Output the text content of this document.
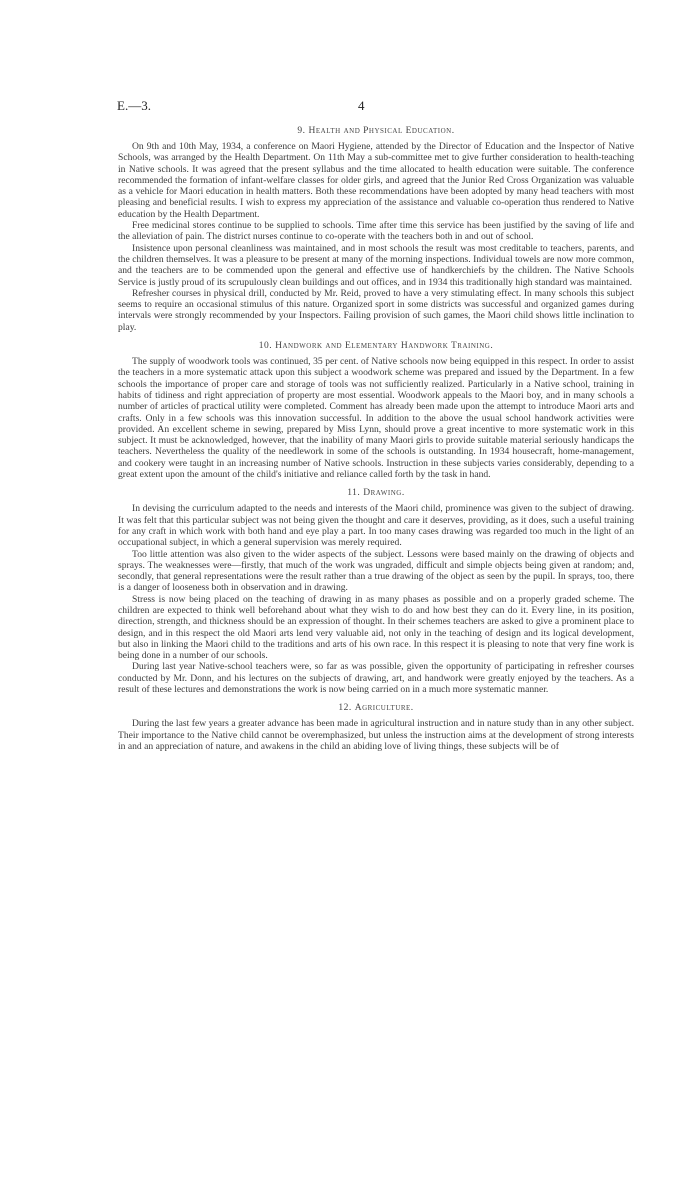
E.—3.	4
9. Health and Physical Education.

On 9th and 10th May, 1934, a conference on Maori Hygiene, attended by the Director of Education and the Inspector of Native Schools, was arranged by the Health Department. On 11th May a sub-committee met to give further consideration to health-teaching in Native schools. It was agreed that the present syllabus and the time allocated to health education were suitable. The conference recommended the formation of infant-welfare classes for older girls, and agreed that the Junior Red Cross Organization was valuable as a vehicle for Maori education in health matters. Both these recommendations have been adopted by many head teachers with most pleasing and beneficial results. I wish to express my appreciation of the assistance and valuable co-operation thus rendered to Native education by the Health Department.

Free medicinal stores continue to be supplied to schools. Time after time this service has been justified by the saving of life and the alleviation of pain. The district nurses continue to co-operate with the teachers both in and out of school.

Insistence upon personal cleanliness was maintained, and in most schools the result was most creditable to teachers, parents, and the children themselves. It was a pleasure to be present at many of the morning inspections. Individual towels are now more common, and the teachers are to be commended upon the general and effective use of handkerchiefs by the children. The Native Schools Service is justly proud of its scrupulously clean buildings and out offices, and in 1934 this traditionally high standard was maintained.

Refresher courses in physical drill, conducted by Mr. Reid, proved to have a very stimulating effect. In many schools this subject seems to require an occasional stimulus of this nature. Organized sport in some districts was successful and organized games during intervals were strongly recommended by your Inspectors. Failing provision of such games, the Maori child shows little inclination to play.

10. Handwork and Elementary Handwork Training.

The supply of woodwork tools was continued, 35 per cent. of Native schools now being equipped in this respect. In order to assist the teachers in a more systematic attack upon this subject a woodwork scheme was prepared and issued by the Department. In a few schools the importance of proper care and storage of tools was not sufficiently realized. Particularly in a Native school, training in habits of tidiness and right appreciation of property are most essential. Woodwork appeals to the Maori boy, and in many schools a number of articles of practical utility were completed. Comment has already been made upon the attempt to introduce Maori arts and crafts. Only in a few schools was this innovation successful. In addition to the above the usual school handwork activities were provided. An excellent scheme in sewing, prepared by Miss Lynn, should prove a great incentive to more systematic work in this subject. It must be acknowledged, however, that the inability of many Maori girls to provide suitable material seriously handicaps the teachers. Nevertheless the quality of the needlework in some of the schools is outstanding. In 1934 housecraft, home-management, and cookery were taught in an increasing number of Native schools. Instruction in these subjects varies considerably, depending to a great extent upon the amount of the child's initiative and reliance called forth by the task in hand.

11. Drawing.

In devising the curriculum adapted to the needs and interests of the Maori child, prominence was given to the subject of drawing. It was felt that this particular subject was not being given the thought and care it deserves, providing, as it does, such a useful training for any craft in which work with both hand and eye play a part. In too many cases drawing was regarded too much in the light of an occupational subject, in which a general supervision was merely required.

Too little attention was also given to the wider aspects of the subject. Lessons were based mainly on the drawing of objects and sprays. The weaknesses were—firstly, that much of the work was ungraded, difficult and simple objects being given at random; and, secondly, that general representations were the result rather than a true drawing of the object as seen by the pupil. In sprays, too, there is a danger of looseness both in observation and in drawing.

Stress is now being placed on the teaching of drawing in as many phases as possible and on a properly graded scheme. The children are expected to think well beforehand about what they wish to do and how best they can do it. Every line, in its position, direction, strength, and thickness should be an expression of thought. In their schemes teachers are asked to give a prominent place to design, and in this respect the old Maori arts lend very valuable aid, not only in the teaching of design and its logical development, but also in linking the Maori child to the traditions and arts of his own race. In this respect it is pleasing to note that very fine work is being done in a number of our schools.

During last year Native-school teachers were, so far as was possible, given the opportunity of participating in refresher courses conducted by Mr. Donn, and his lectures on the subjects of drawing, art, and handwork were greatly enjoyed by the teachers. As a result of these lectures and demonstrations the work is now being carried on in a much more systematic manner.

12. Agriculture.

During the last few years a greater advance has been made in agricultural instruction and in nature study than in any other subject. Their importance to the Native child cannot be overemphasized, but unless the instruction aims at the development of strong interests in and an appreciation of nature, and awakens in the child an abiding love of living things, these subjects will be of
